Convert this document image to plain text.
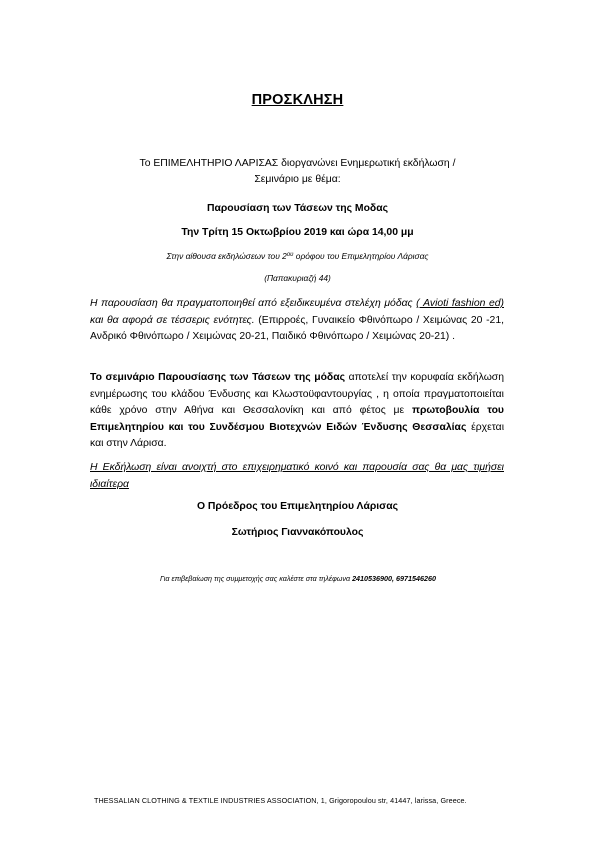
ΠΡΟΣΚΛΗΣΗ
Το ΕΠΙΜΕΛΗΤΗΡΙΟ ΛΑΡΙΣΑΣ διοργανώνει Ενημερωτική εκδήλωση /
Σεμινάριο με θέμα:
Παρουσίαση των Τάσεων της Μοδας
Την Τρίτη 15 Οκτωβρίου 2019 και ώρα 14,00 μμ
Στην αίθουσα εκδηλώσεων του $2^{o\upsilon}$ ορόφου του Επιμελητηρίου Λάρισας
(Παπακυριαζή 44)
Η παρουσίαση θα πραγματοποιηθεί από εξειδικευμένα στελέχη μόδας ( Avioti fashion ed) και θα αφορά σε τέσσερις ενότητες. (Επιρροές, Γυναικείο Φθινόπωρο / Χειμώνας 20 -21, Ανδρικό Φθινόπωρο / Χειμώνας 20-21, Παιδικό Φθινόπωρο / Χειμώνας 20-21) .
Το σεμινάριο Παρουσίασης των Τάσεων της μόδας αποτελεί την κορυφαία εκδήλωση ενημέρωσης του κλάδου Ένδυσης και Κλωστοϋφαντουργίας , η οποία πραγματοποιείται κάθε χρόνο στην Αθήνα και Θεσσαλονίκη και από φέτος με πρωτοβουλία του Επιμελητηρίου και του Συνδέσμου Βιοτεχνών Ειδών Ένδυσης Θεσσαλίας έρχεται και στην Λάρισα.
Η Εκδήλωση είναι ανοιχτή στο επιχειρηματικό κοινό και παρουσία σας θα μας τιμήσει ιδιαίτερα
Ο Πρόεδρος του Επιμελητηρίου Λάρισας
Σωτήριος Γιαννακόπουλος
Για επιβεβαίωση της συμμετοχής σας καλέστε στα τηλέφωνα 2410536900, 6971546260
THESSALIAN CLOTHING & TEXTILE INDUSTRIES ASSOCIATION, 1, Grigoropoulou str, 41447, larissa, Greece.
